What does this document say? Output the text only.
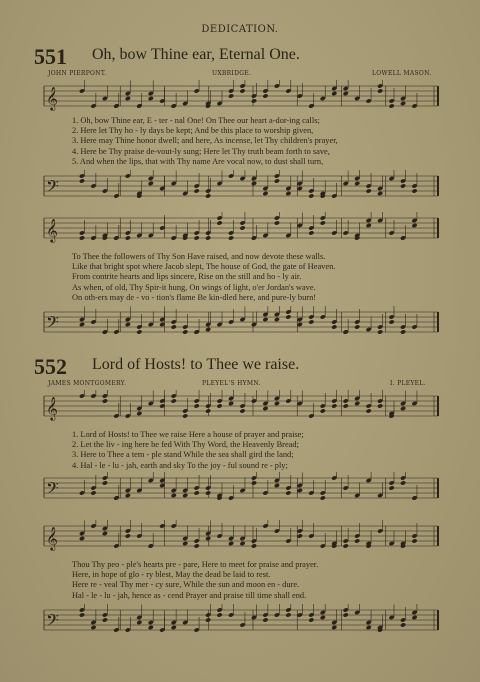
DEDICATION.
551 Oh, bow Thine ear, Eternal One.
JOHN PIERPONT.	UXBRIDGE.	LOWELL MASON.
𝄞
1. Oh, bow Thine ear, E - ter - nal One! On Thee our heart a-dor-ing calls;
2. Here let Thy ho - ly days be kept; And be this place to worship given,
3. Here may Thine honor dwell; and here, As incense, let Thy children's prayer,
4. Here be Thy praise de-vout-ly sung; Here let Thy truth beam forth to save,
5. And when the lips, that with Thy name Are vocal now, to dust shall turn,
𝄢
𝄞
To Thee the followers of Thy Son Have raised, and now devote these walls.
Like that bright spot where Jacob slept, The house of God, the gate of Heaven.
From contrite hearts and lips sincere, Rise on the still and ho - ly air.
As when, of old, Thy Spir-it hung, On wings of light, o'er Jordan's wave.
On oth-ers may de - vo - tion's flame Be kin-dled here, and pure-ly burn!
𝄢
552 Lord of Hosts! to Thee we raise.
JAMES MONTGOMERY.	PLEYEL'S HYMN.	I. PLEYEL.
𝄞
1. Lord of Hosts! to Thee we raise Here a house of prayer and praise;
2. Let the liv - ing here be fed With Thy Word, the Heavenly Bread;
3. Here to Thee a tem - ple stand While the sea shall gird the land;
4. Hal - le - lu - jah, earth and sky To the joy - ful sound re - ply;
𝄢
𝄞
Thou Thy peo - ple's hearts pre - pare, Here to meet for praise and prayer.
Here, in hope of glo - ry blest, May the dead be laid to rest.
Here re - veal Thy mer - cy sure, While the sun and moon en - dure.
Hal - le - lu - jah, hence as - cend Prayer and praise till time shall end.
𝄢
